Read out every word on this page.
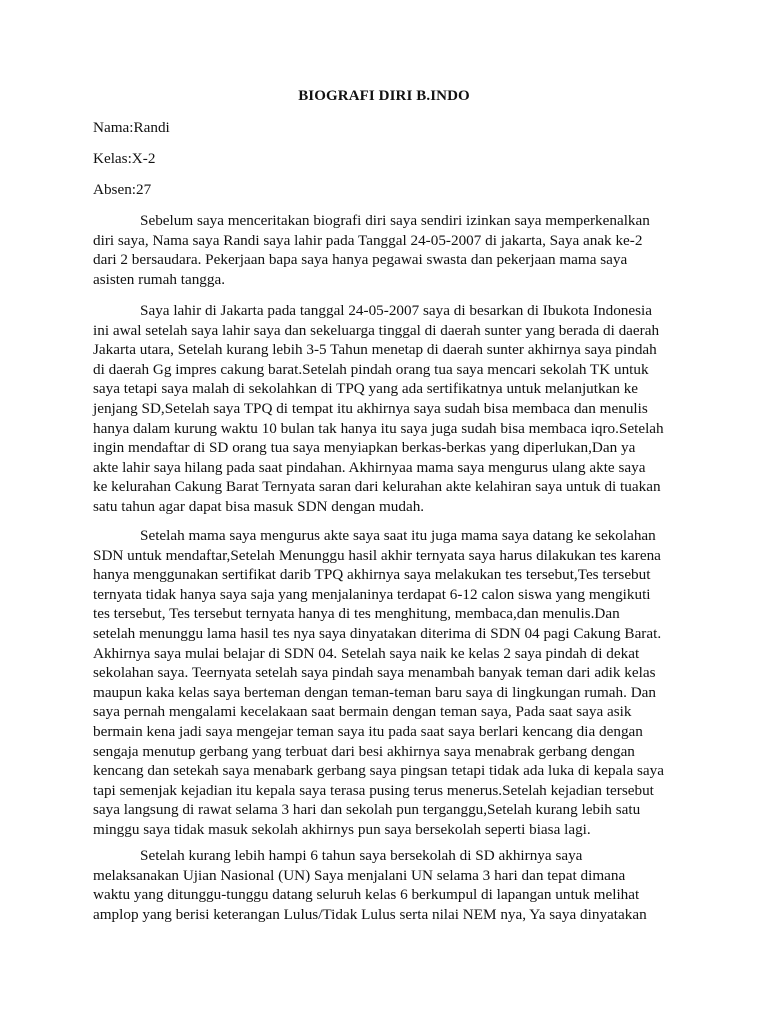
BIOGRAFI DIRI B.INDO
Nama:Randi
Kelas:X-2
Absen:27
Sebelum saya menceritakan biografi diri saya sendiri izinkan saya memperkenalkan
diri saya, Nama saya Randi saya lahir pada Tanggal 24-05-2007 di jakarta, Saya anak ke-2
dari 2 bersaudara. Pekerjaan bapa saya hanya pegawai swasta dan pekerjaan mama saya
asisten rumah tangga.
Saya lahir di Jakarta pada tanggal 24-05-2007 saya di besarkan di Ibukota Indonesia
ini awal setelah saya lahir saya dan sekeluarga tinggal di daerah sunter yang berada di daerah
Jakarta utara, Setelah kurang lebih 3-5 Tahun menetap di daerah sunter akhirnya saya pindah
di daerah Gg impres cakung barat.Setelah pindah orang tua saya mencari sekolah TK untuk
saya tetapi saya malah di sekolahkan di TPQ yang ada sertifikatnya untuk melanjutkan ke
jenjang SD,Setelah saya TPQ di tempat itu akhirnya saya sudah bisa membaca dan menulis
hanya dalam kurung waktu 10 bulan tak hanya itu saya juga sudah bisa membaca iqro.Setelah
ingin mendaftar di SD orang tua saya menyiapkan berkas-berkas yang diperlukan,Dan ya
akte lahir saya hilang pada saat pindahan. Akhirnyaa mama saya mengurus ulang akte saya
ke kelurahan Cakung Barat Ternyata saran dari kelurahan akte kelahiran saya untuk di tuakan
satu tahun agar dapat bisa masuk SDN dengan mudah.
Setelah mama saya mengurus akte saya saat itu juga mama saya datang ke sekolahan
SDN untuk mendaftar,Setelah Menunggu hasil akhir ternyata saya harus dilakukan tes karena
hanya menggunakan sertifikat darib TPQ akhirnya saya melakukan tes tersebut,Tes tersebut
ternyata tidak hanya saya saja yang menjalaninya terdapat 6-12 calon siswa yang mengikuti
tes tersebut, Tes tersebut ternyata hanya di tes menghitung, membaca,dan menulis.Dan
setelah menunggu lama hasil tes nya saya dinyatakan diterima di SDN 04 pagi Cakung Barat.
Akhirnya saya mulai belajar di SDN 04. Setelah saya naik ke kelas 2 saya pindah di dekat
sekolahan saya. Teernyata setelah saya pindah saya menambah banyak teman dari adik kelas
maupun kaka kelas saya berteman dengan teman-teman baru saya di lingkungan rumah. Dan
saya pernah mengalami kecelakaan saat bermain dengan teman saya, Pada saat saya asik
bermain kena jadi saya mengejar teman saya itu pada saat saya berlari kencang dia dengan
sengaja menutup gerbang yang terbuat dari besi akhirnya saya menabrak gerbang dengan
kencang dan setekah saya menabark gerbang saya pingsan tetapi tidak ada luka di kepala saya
tapi semenjak kejadian itu kepala saya terasa pusing terus menerus.Setelah kejadian tersebut
saya langsung di rawat selama 3 hari dan sekolah pun terganggu,Setelah kurang lebih satu
minggu saya tidak masuk sekolah akhirnys pun saya bersekolah seperti biasa lagi.
Setelah kurang lebih hampi 6 tahun saya bersekolah di SD akhirnya saya
melaksanakan Ujian Nasional (UN) Saya menjalani UN selama 3 hari dan tepat dimana
waktu yang ditunggu-tunggu datang seluruh kelas 6 berkumpul di lapangan untuk melihat
amplop yang berisi keterangan Lulus/Tidak Lulus serta nilai NEM nya, Ya saya dinyatakan
